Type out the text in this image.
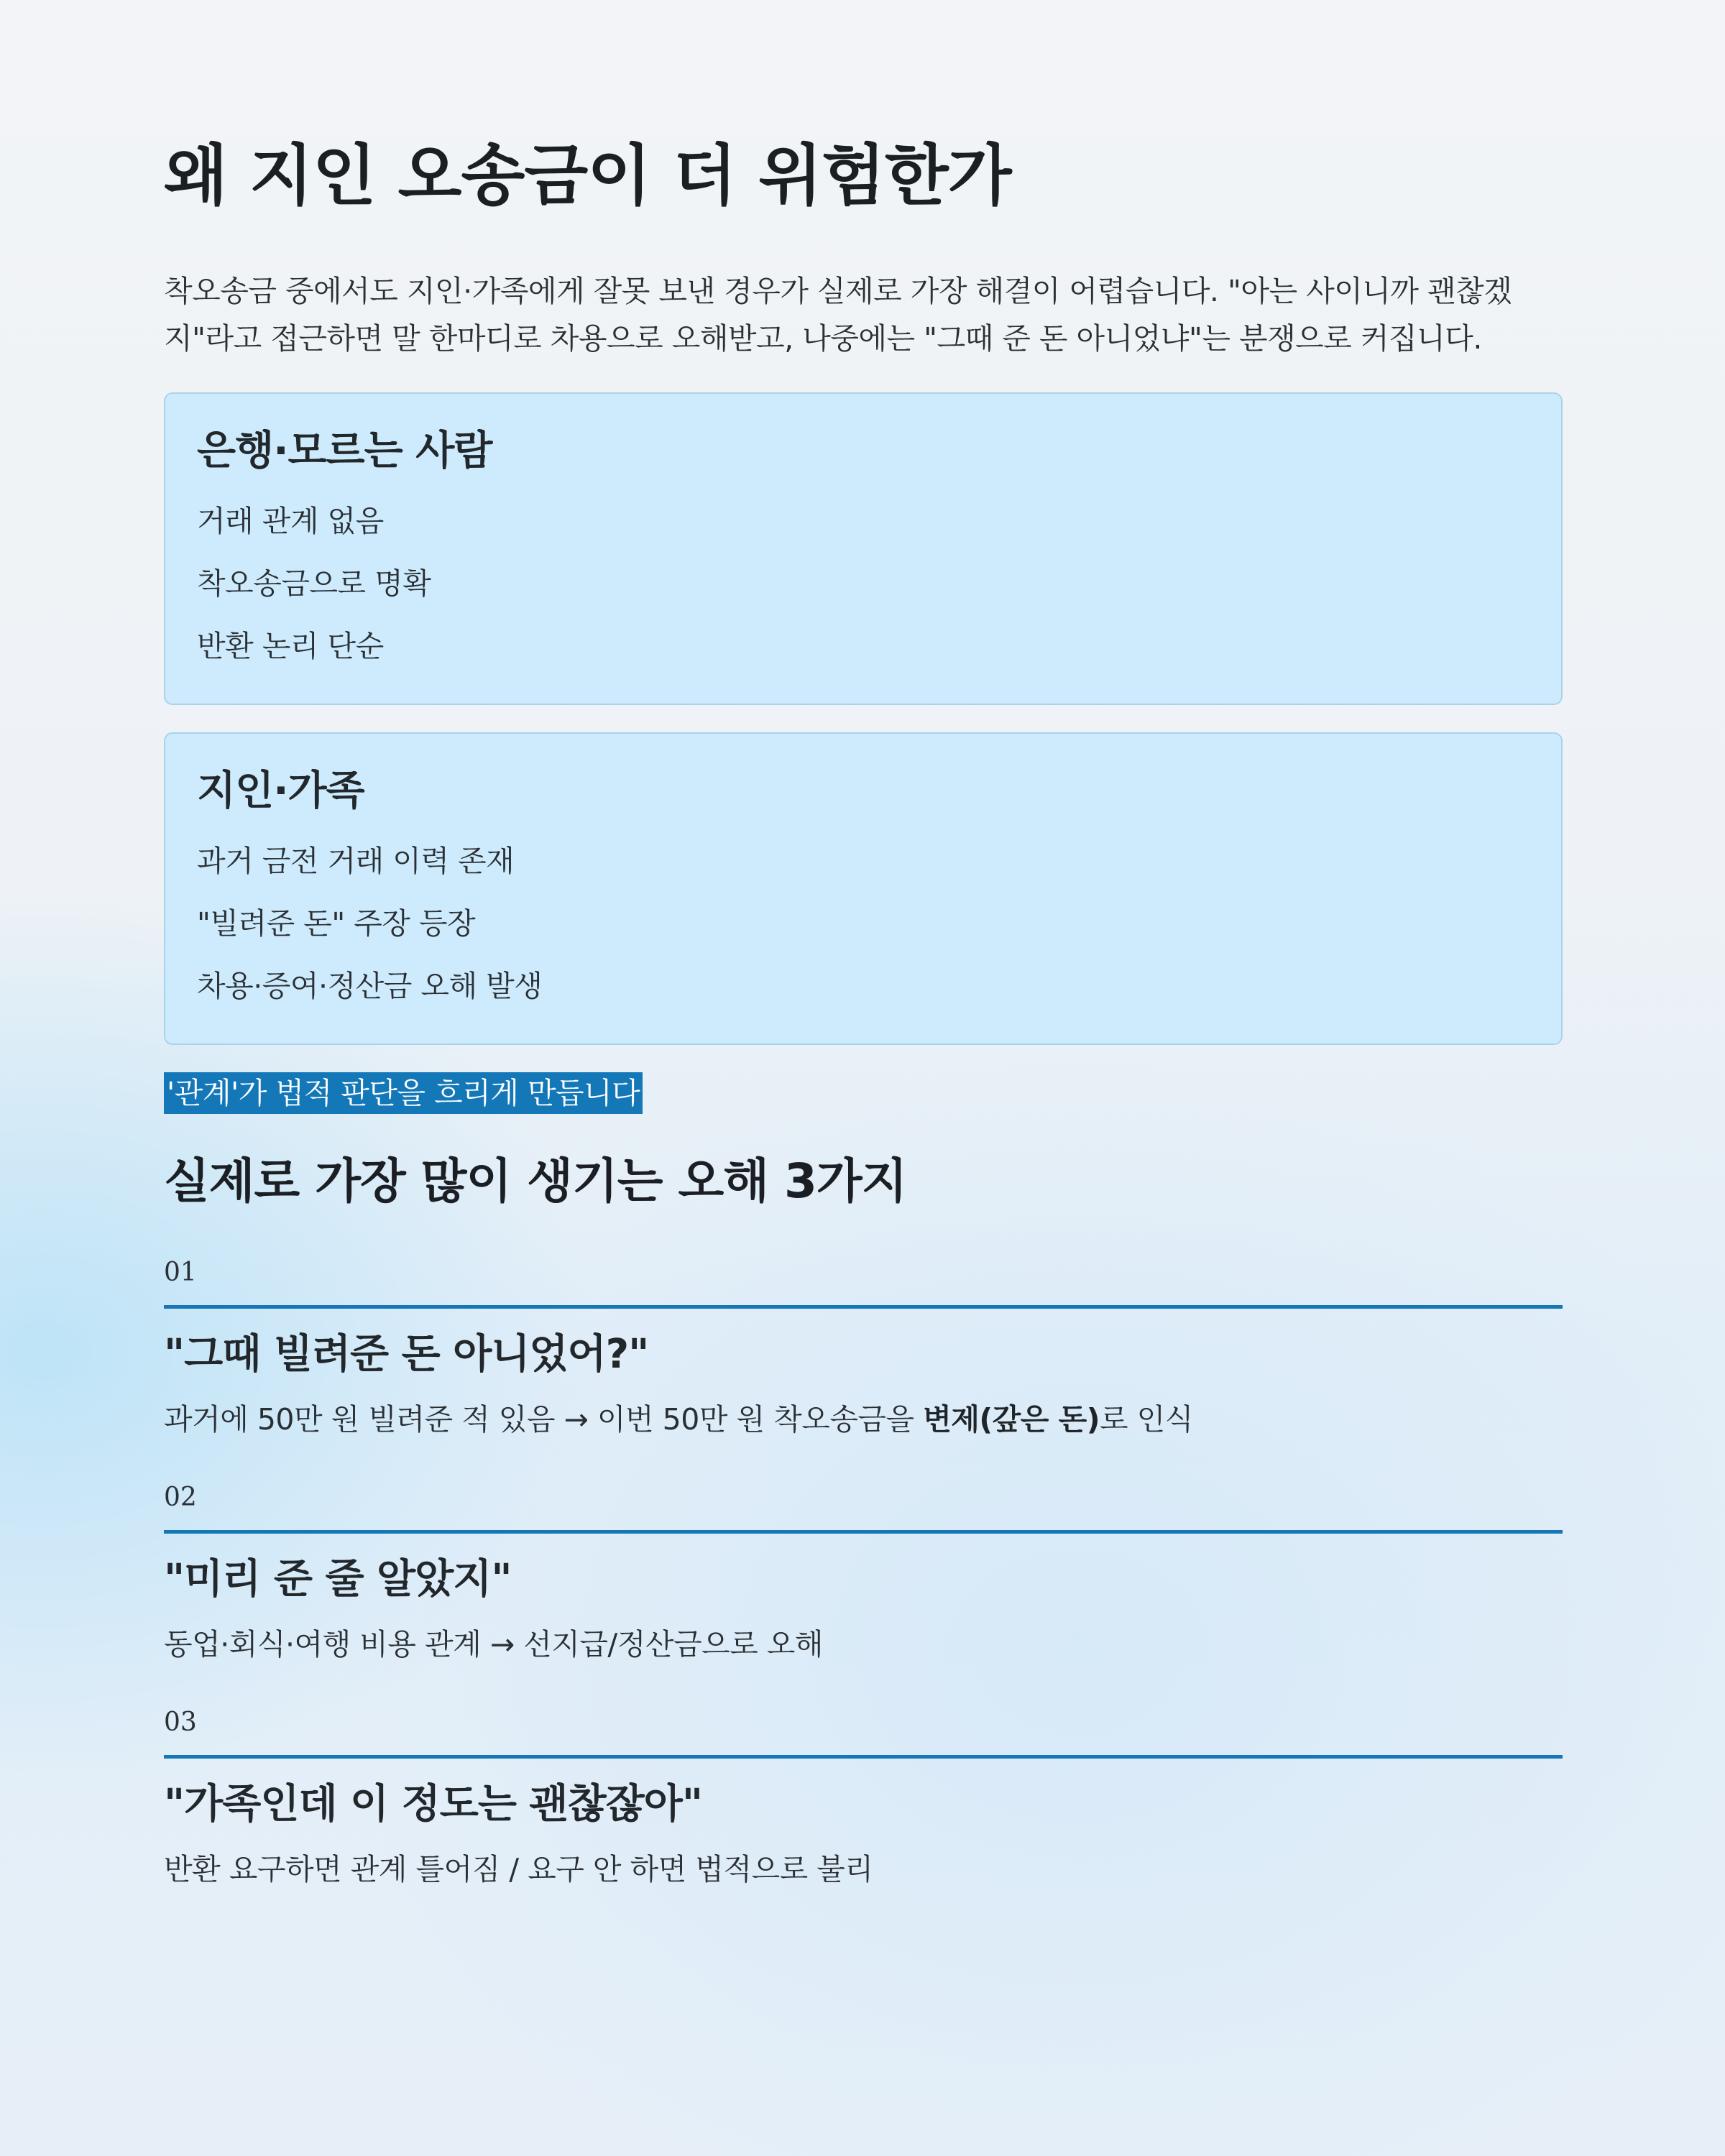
왜 지인 오송금이 더 위험한가

착오송금 중에서도 지인·가족에게 잘못 보낸 경우가 실제로 가장 해결이 어렵습니다. "아는 사이니까 괜찮겠지"라고 접근하면 말 한마디로 차용으로 오해받고, 나중에는 "그때 준 돈 아니었냐"는 분쟁으로 커집니다.

은행·모르는 사람
거래 관계 없음
착오송금으로 명확
반환 논리 단순
지인·가족
과거 금전 거래 이력 존재
"빌려준 돈" 주장 등장
차용·증여·정산금 오해 발생
'관계'가 법적 판단을 흐리게 만듭니다
실제로 가장 많이 생기는 오해 3가지
01
"그때 빌려준 돈 아니었어?"

과거에 50만 원 빌려준 적 있음 → 이번 50만 원 착오송금을 변제(갚은 돈)로 인식

02
"미리 준 줄 알았지"

동업·회식·여행 비용 관계 → 선지급/정산금으로 오해

03
"가족인데 이 정도는 괜찮잖아"

반환 요구하면 관계 틀어짐 / 요구 안 하면 법적으로 불리
